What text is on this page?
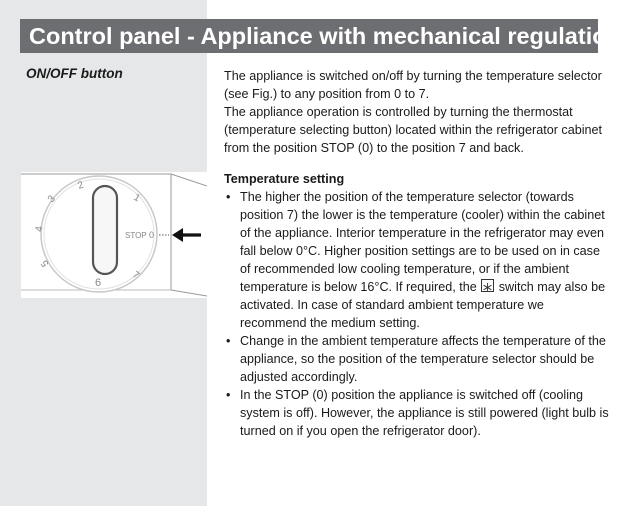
Control panel - Appliance with mechanical regulation
ON/OFF button
2
3
4
5
6
7
1
STOP 0

The appliance is switched on/off by turning the temperature selector (see Fig.) to any position from 0 to 7.

The appliance operation is controlled by turning the thermostat (temperature selecting button) located within the refrigerator cabinet from the position STOP (0) to the position 7 and back.

Temperature setting

• The higher the position of the temperature selector (towards position 7) the lower is the temperature (cooler) within the cabinet of the appliance. Interior temperature in the refrigerator may even fall below 0°C. Higher position settings are to be used on in case of recommended low cooling temperature, or if the ambient temperature is below 16°C. If required, the switch may also be activated. In case of standard ambient temperature we recommend the medium setting.
• Change in the ambient temperature affects the temperature of the appliance, so the position of the temperature selector should be adjusted accordingly.
• In the STOP (0) position the appliance is switched off (cooling system is off). However, the appliance is still powered (light bulb is turned on if you open the refrigerator door).
